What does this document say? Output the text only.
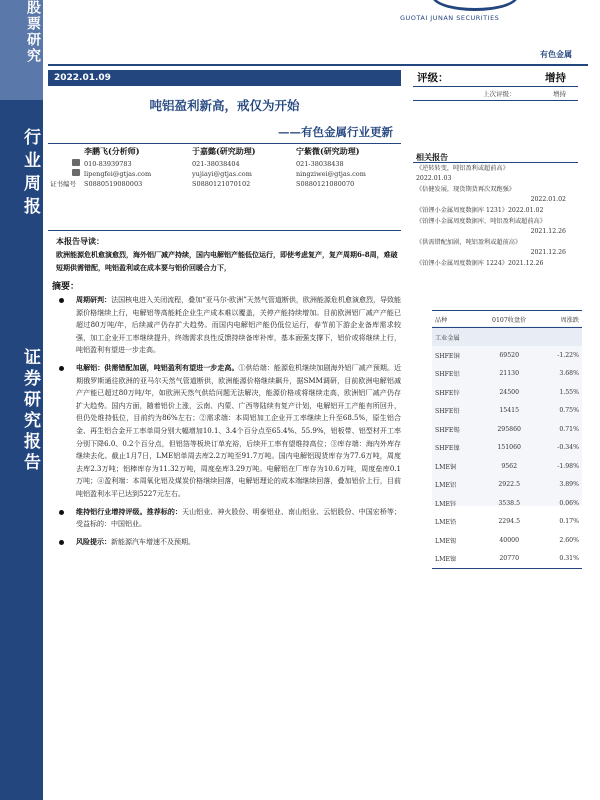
股票研究
行业周报
证券研究报告
GUOTAI JUNAN SECURITIES
有色金属
2022.01.09
吨铝盈利新高，戒仅为开始
——有色金属行业更新
李鹏飞(分析师)
010-83939783
lipengfei@gtjas.com
S0880519080003
证书编号
于嘉懿(研究助理)
021-38038404
yujiayi@gtjas.com
S0880121070102
宁紫微(研究助理)
021-38038438
ningziwei@gtjas.com
S0880121080070
本报告导读：
欧洲能源危机愈演愈烈，海外铝厂减产持续，国内电解铝产能低位运行，即使考虑复产，复产周期6-8周，难破短期供需错配，吨铝盈利或在成本要与铝价回暖合力下，
摘要：
周期研判：法国核电进入关闭流程，叠加“亚马尔-欧洲”天然气管道断供，欧洲能源危机愈演愈烈，导致能源价格继续上行，电解铝等高能耗企业生产成本难以覆盖，关停产能持续增加。目前欧洲铝厂减产产能已超过80万吨/年，后续减产仍存扩大趋势。而国内电解铝产能仍低位运行，春节前下游企业备库需求较强，加工企业开工率继续提升，终端需求良性反馈持续备库补库，基本面强支撑下，铝价或将继续上行，吨铝盈利有望进一步走高。
电解铝：供需错配加剧，吨铝盈利有望进一步走高。①供给端：能源危机继续加剧海外铝厂减产预期。近期俄罗斯通往欧洲的亚马尔天然气管道断供，欧洲能源价格继续飙升，据SMM调研，目前欧洲电解铝减产产能已超过80万吨/年，如欧洲天然气供给问题无法解决，能源价格或将继续走高，欧洲铝厂减产仍存扩大趋势。国内方面，随着铝价上涨，云南、内蒙、广西等陆续有复产计划，电解铝开工产能有所回升，但仍处维持低位，目前约为86%左右；②需求端：本周铝加工企业开工率继续上升至68.5%，原生铝合金、再生铝合金开工率单周分别大幅增加10.1、3.4个百分点至65.4%、55.9%，铝板带、铝型材开工率分别下降6.0、0.2个百分点，但铝箔等板块订单充裕，后续开工率有望维持高位；③库存端：海内外库存继续去化。截止1月7日，LME铝单周去库2.2万吨至91.7万吨。国内电解铝现货库存为77.6万吨，周度去库2.3万吨；铝棒库存为11.32万吨，周度垒库3.29万吨。电解铝在厂库存为10.6万吨，周度垒库0.1万吨；④盈利端：本周氧化铝及煤炭价格继续回落，电解铝理论的成本端继续回落，叠加铝价上行，目前吨铝盈利水平已达到5227元左右。
维持铝行业增持评级。推荐标的：天山铝业、神火股份、明泰铝业、南山铝业、云铝股份、中国宏桥等；受益标的：中国铝业。
风险提示：新能源汽车增速不及预期。
评级：	增持
上次评级：	增持
相关报告
《逆转转变，吨铝盈利或超前高》
2022.01.03
《倍健发展，现货期货再次双跑强》
2022.01.02
《铂锂小金属周度数据库 1231》2022.01.02
《铂锂小金属周度数据库，吨铝盈利或超前高》
2021.12.26
《供需错配加剧，吨铝盈利或超前高》
2021.12.26
《铂锂小金属周度数据库 1224》2021.12.26
品种	0107收盘价	周涨跌
工业金属		
SHFE铜	69520	-1.22%
SHFE铝	21130	3.68%
SHFE锌	24500	1.55%
SHFE铅	15415	0.75%
SHFE锡	295860	0.71%
SHFE镍	151060	-0.34%
LME铜	9562	-1.98%
LME铝	2922.5	3.89%
LME锌	3538.5	0.06%
LME铅	2294.5	0.17%
LME锡	40000	2.60%
LME镍	20770	0.31%
